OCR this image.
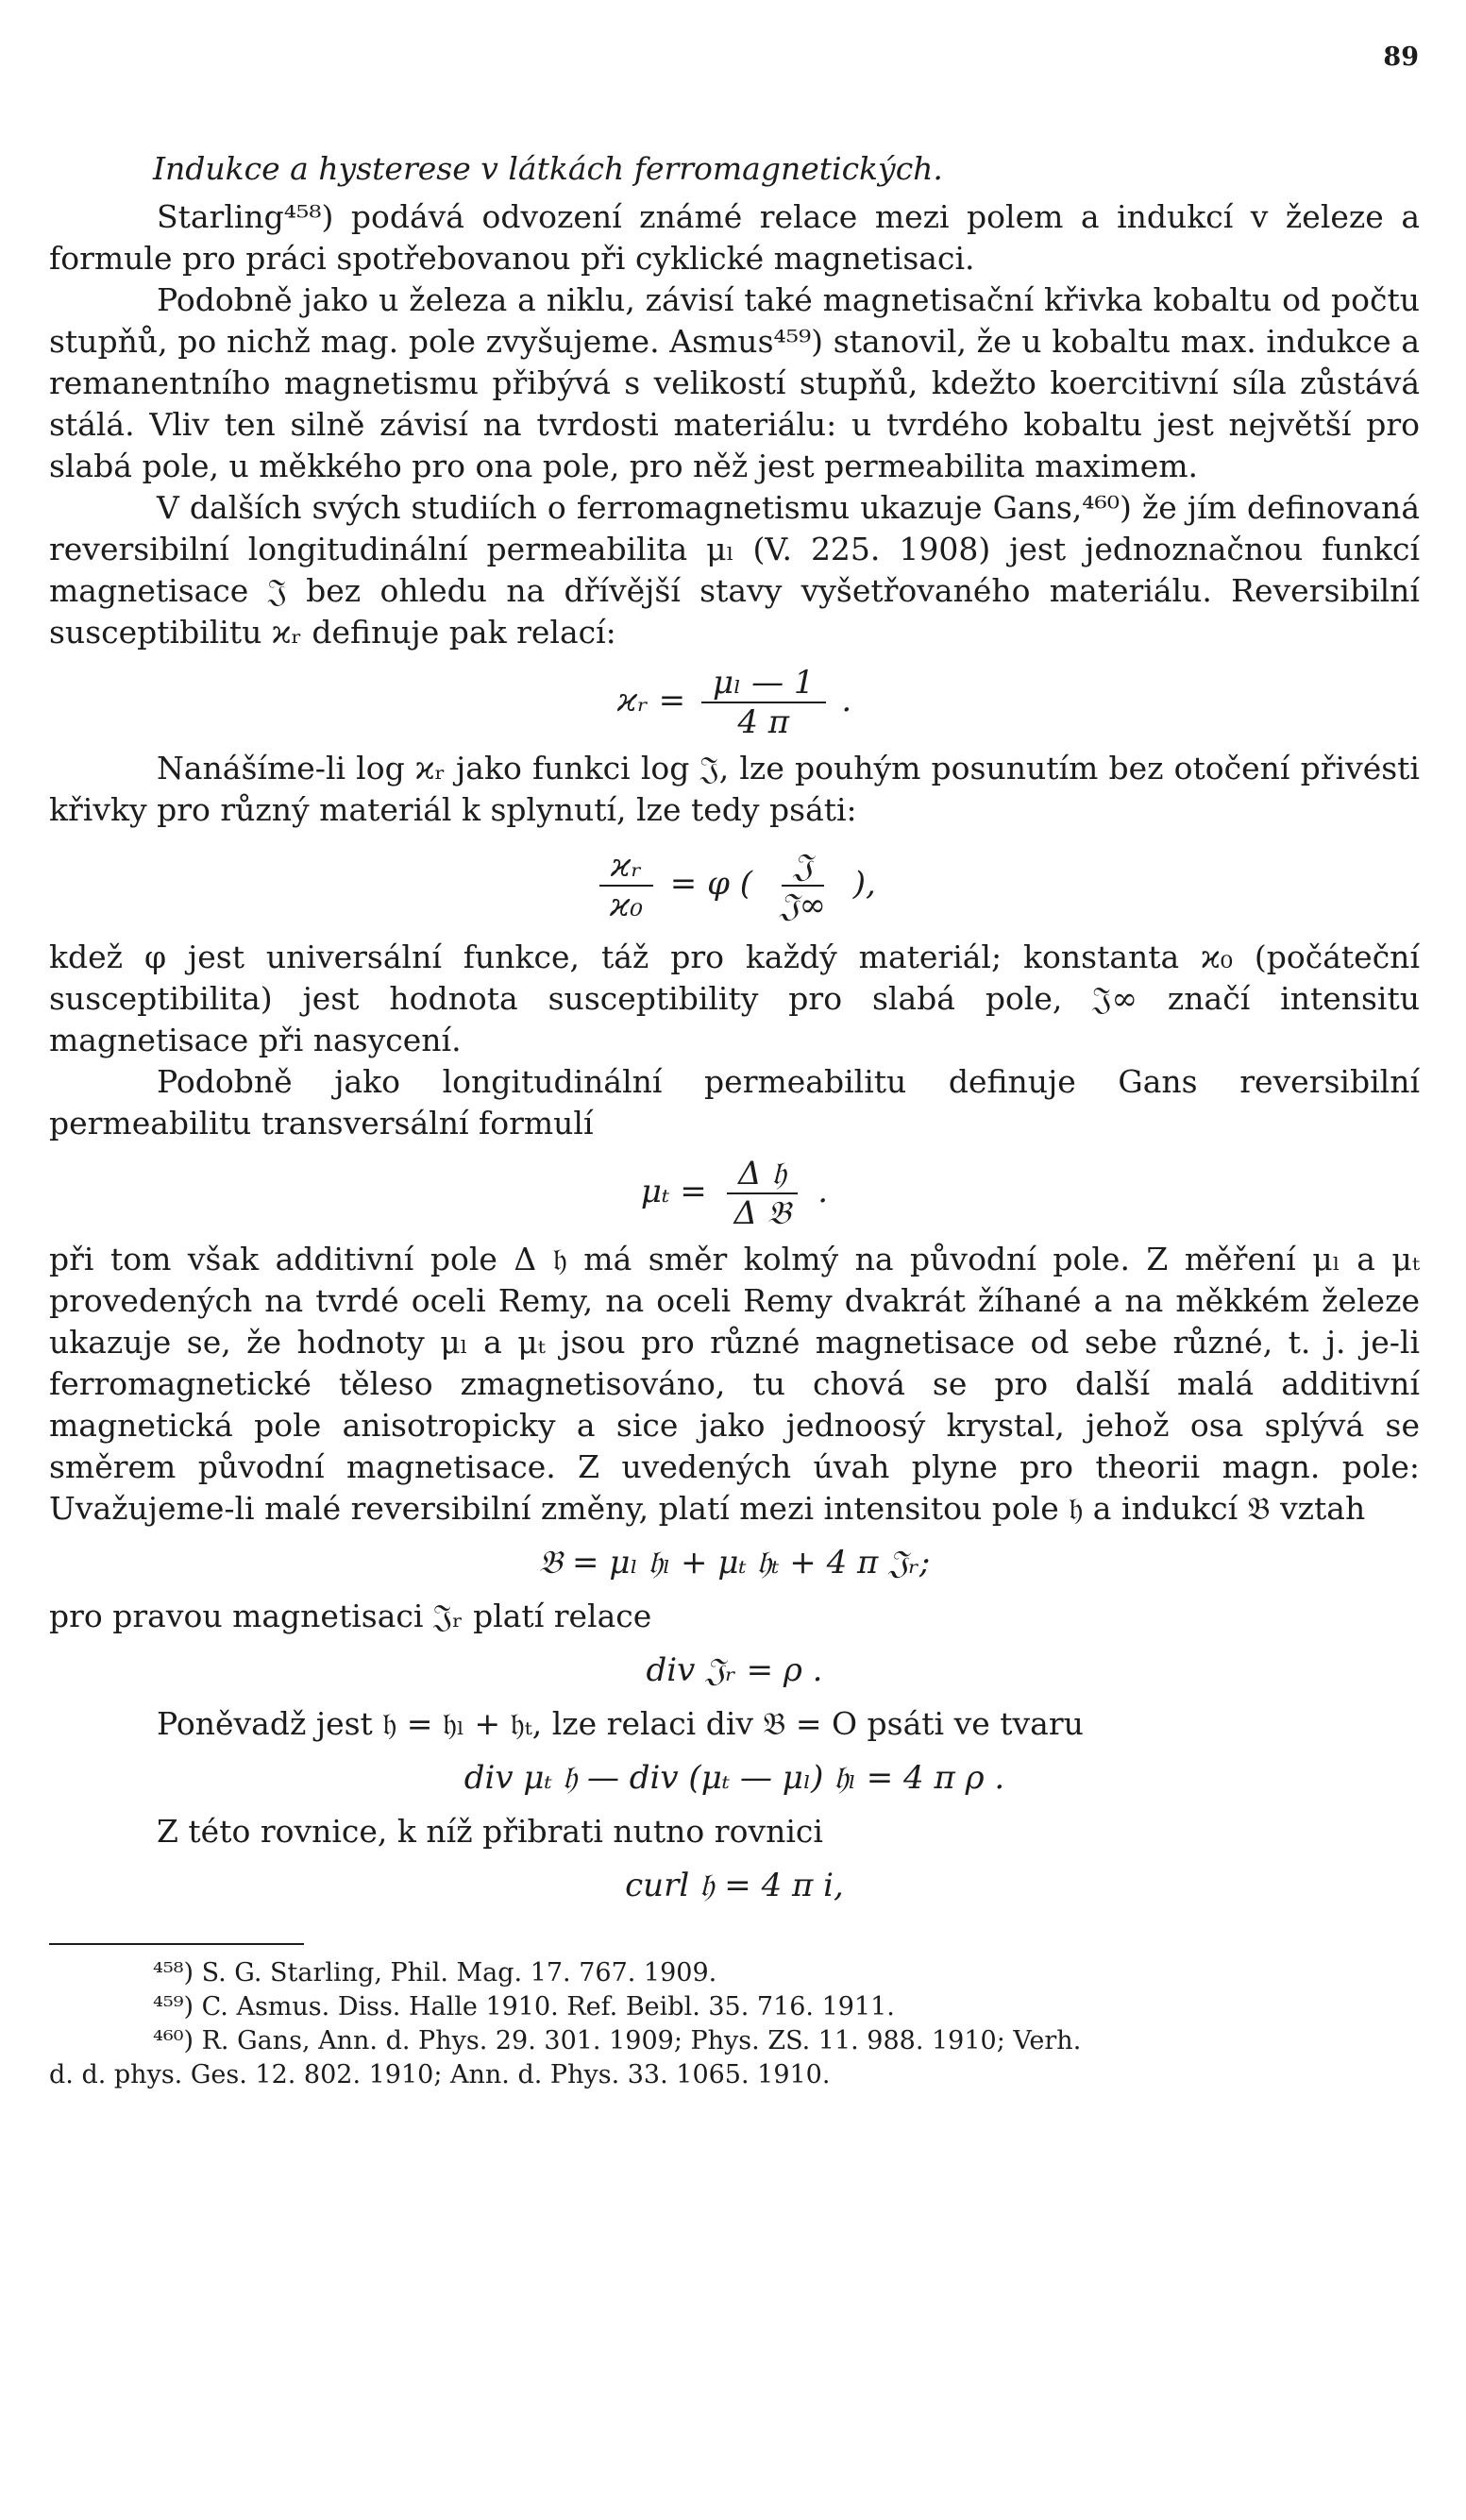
89
Indukce a hysterese v látkách ferromagnetických.

Starling⁴⁵⁸) podává odvození známé relace mezi polem a indukcí v železe a formule pro práci spotřebovanou při cyklické magnetisaci.

Podobně jako u železa a niklu, závisí také magnetisační křivka kobaltu od počtu stupňů, po nichž mag. pole zvyšujeme. Asmus⁴⁵⁹) stanovil, že u kobaltu max. indukce a remanentního magnetismu přibývá s velikostí stupňů, kdežto koercitivní síla zůstává stálá. Vliv ten silně závisí na tvrdosti materiálu: u tvrdého kobaltu jest největší pro slabá pole, u měkkého pro ona pole, pro něž jest permeabilita maximem.

V dalších svých studiích o ferromagnetismu ukazuje Gans,⁴⁶⁰) že jím definovaná reversibilní longitudinální permeabilita μₗ (V. 225. 1908) jest jednoznačnou funkcí magnetisace 𝔍 bez ohledu na dřívější stavy vyšetřovaného materiálu. Reversibilní susceptibilitu ϰᵣ definuje pak relací:

ϰᵣ = $\frac{\text{μₗ — 1}}{4 \pi}$ .

Nanášíme-li log ϰᵣ jako funkci log 𝔍, lze pouhým posunutím bez otočení přivésti křivky pro různý materiál k splynutí, lze tedy psáti:

$\frac{\text{ϰᵣ}}{\text{ϰ₀}} = \varphi$ ( $\frac{\text{𝔍}}{\text{𝔍∞}}$ ),

kdež φ jest universální funkce, táž pro každý materiál; konstanta ϰ₀ (počáteční susceptibilita) jest hodnota susceptibility pro slabá pole, 𝔍∞ značí intensitu magnetisace při nasycení.

Podobně jako longitudinální permeabilitu definuje Gans reversibilní permeabilitu transversální formulí

$\mu_t = \frac{\text{Δ 𝔥}}{\text{Δ 𝔅}}$ .

při tom však additivní pole Δ 𝔥 má směr kolmý na původní pole. Z měření μₗ a μₜ provedených na tvrdé oceli Remy, na oceli Remy dvakrát žíhané a na měkkém železe ukazuje se, že hodnoty μₗ a μₜ jsou pro různé magnetisace od sebe různé, t. j. je-li ferromagnetické těleso zmagnetisováno, tu chová se pro další malá additivní magnetická pole anisotropicky a sice jako jednoosý krystal, jehož osa splývá se směrem původní magnetisace. Z uvedených úvah plyne pro theorii magn. pole: Uvažujeme-li malé reversibilní změny, platí mezi intensitou pole 𝔥 a indukcí 𝔅 vztah

𝔅 = μₗ 𝔥ₗ + μₜ 𝔥ₜ + 4 π 𝔍ᵣ;

pro pravou magnetisaci 𝔍ᵣ platí relace

div 𝔍ᵣ = ρ .

Poněvadž jest 𝔥 = 𝔥ₗ + 𝔥ₜ, lze relaci div 𝔅 = O psáti ve tvaru

div μₜ 𝔥 — div (μₜ — μₗ) 𝔥ₗ = 4 π ρ .

Z této rovnice, k níž přibrati nutno rovnici

curl 𝔥 = 4 π i,

⁴⁵⁸) S. G. Starling, Phil. Mag. 17. 767. 1909.

⁴⁵⁹) C. Asmus. Diss. Halle 1910. Ref. Beibl. 35. 716. 1911.

⁴⁶⁰) R. Gans, Ann. d. Phys. 29. 301. 1909; Phys. ZS. 11. 988. 1910; Verh.

d. d. phys. Ges. 12. 802. 1910; Ann. d. Phys. 33. 1065. 1910.
